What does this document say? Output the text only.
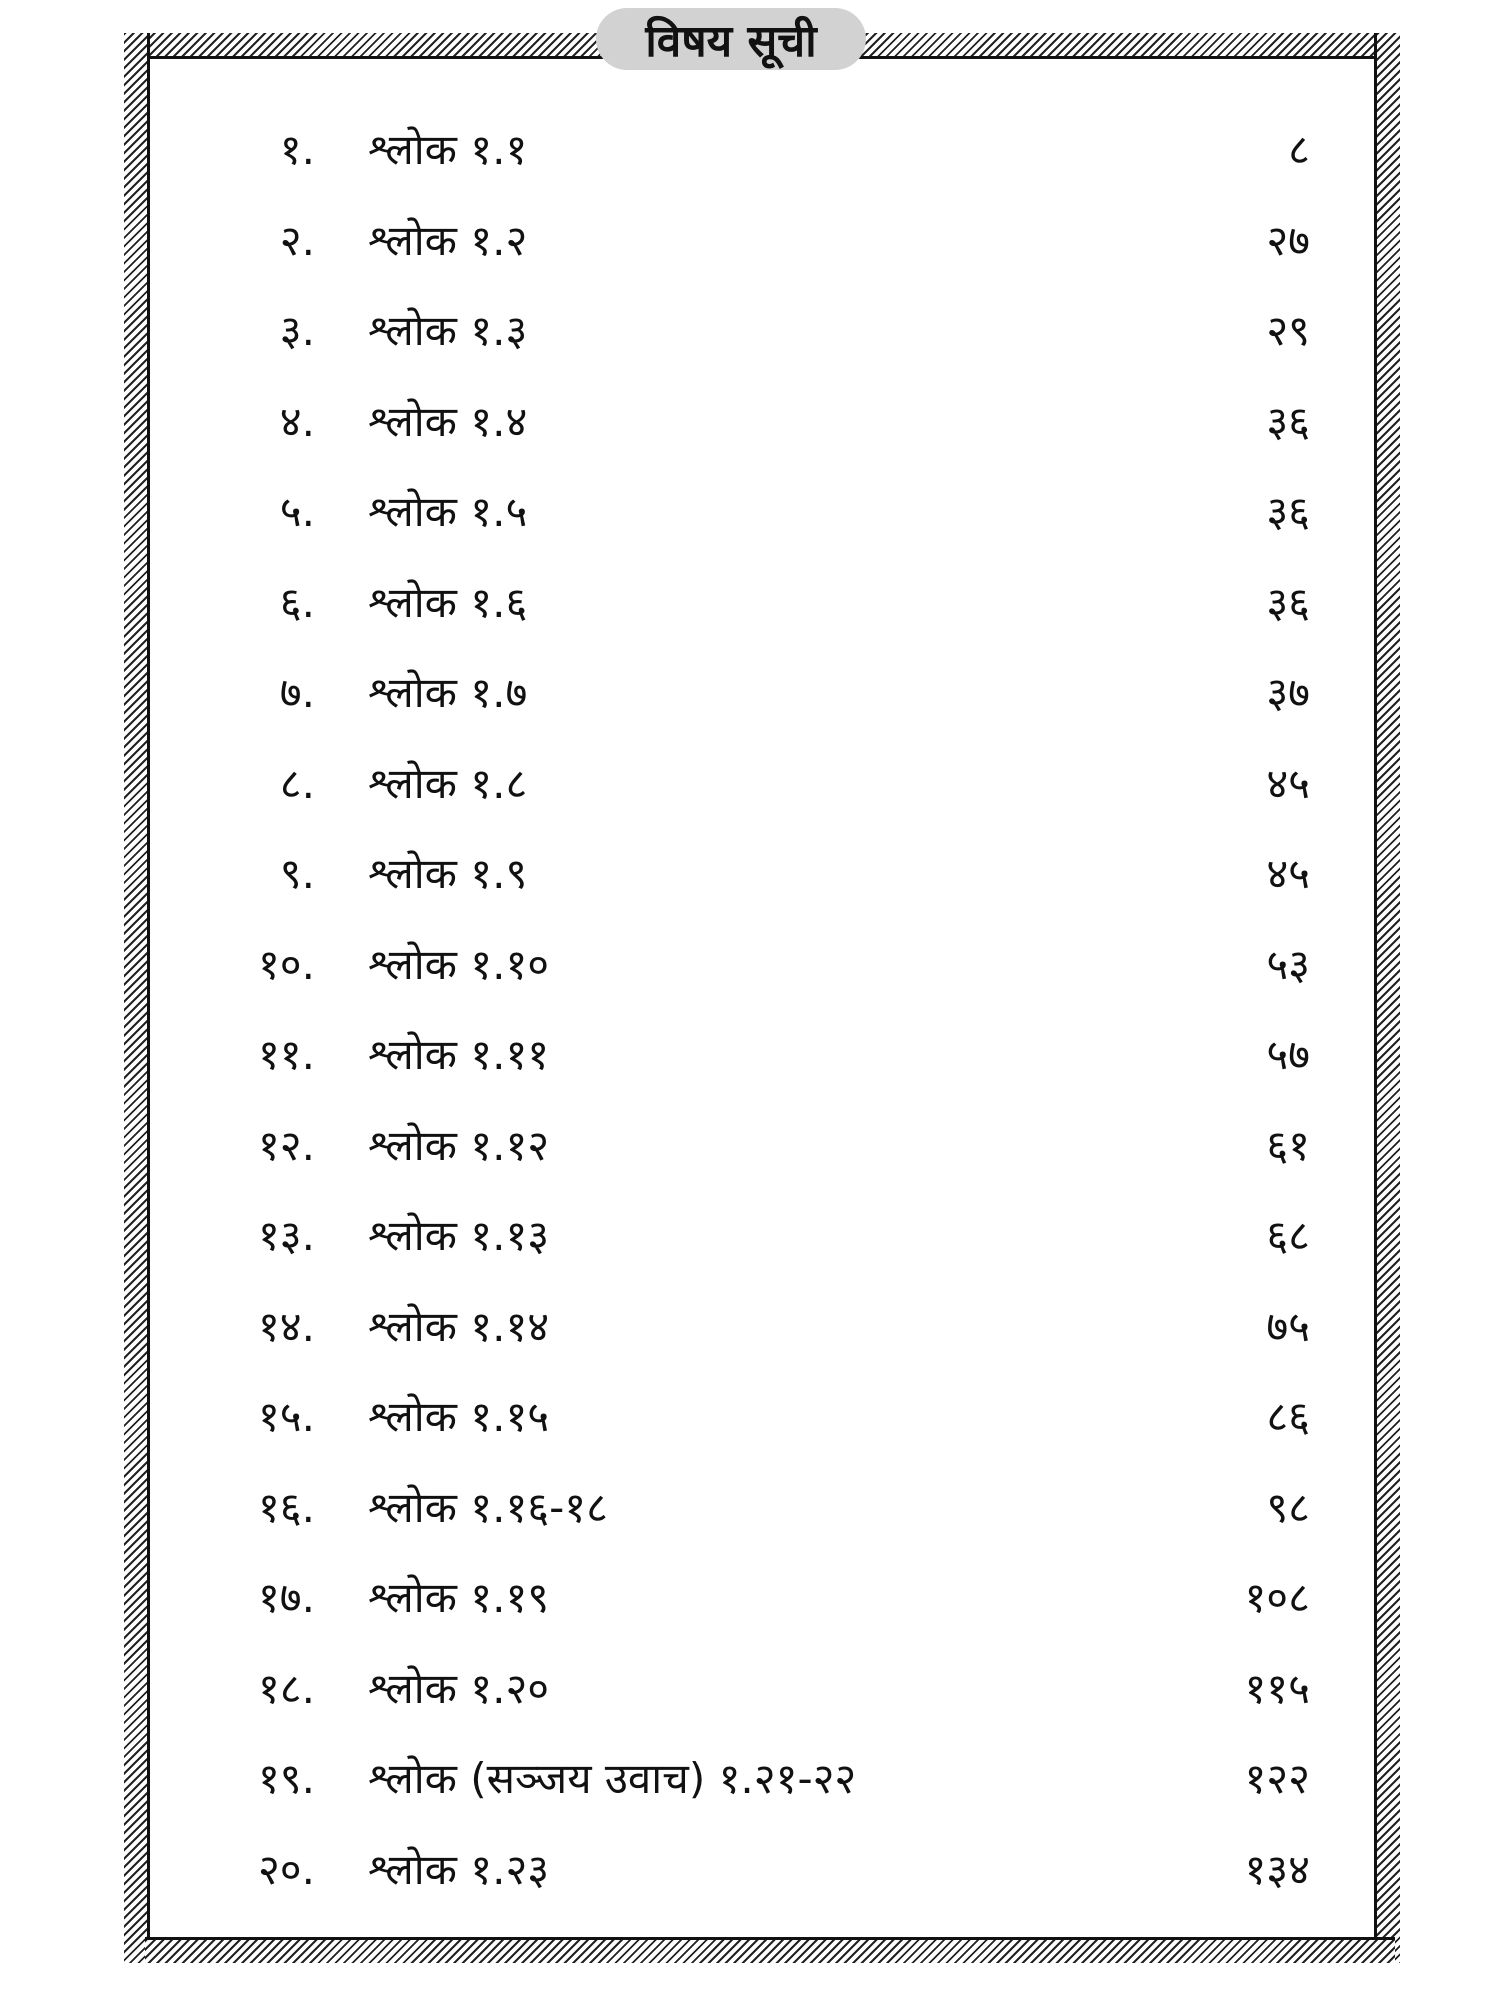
विषय सूची
१. श्लोक १.१	८
२. श्लोक १.२	२७
३. श्लोक १.३	२९
४. श्लोक १.४	३६
५. श्लोक १.५	३६
६. श्लोक १.६	३६
७. श्लोक १.७	३७
८. श्लोक १.८	४५
९. श्लोक १.९	४५
१०. श्लोक १.१०	५३
११. श्लोक १.११	५७
१२. श्लोक १.१२	६१
१३. श्लोक १.१३	६८
१४. श्लोक १.१४	७५
१५. श्लोक १.१५	८६
१६. श्लोक १.१६-१८	९८
१७. श्लोक १.१९	१०८
१८. श्लोक १.२०	११५
१९. श्लोक (सञ्जय उवाच) १.२१-२२	१२२
२०. श्लोक १.२३	१३४
